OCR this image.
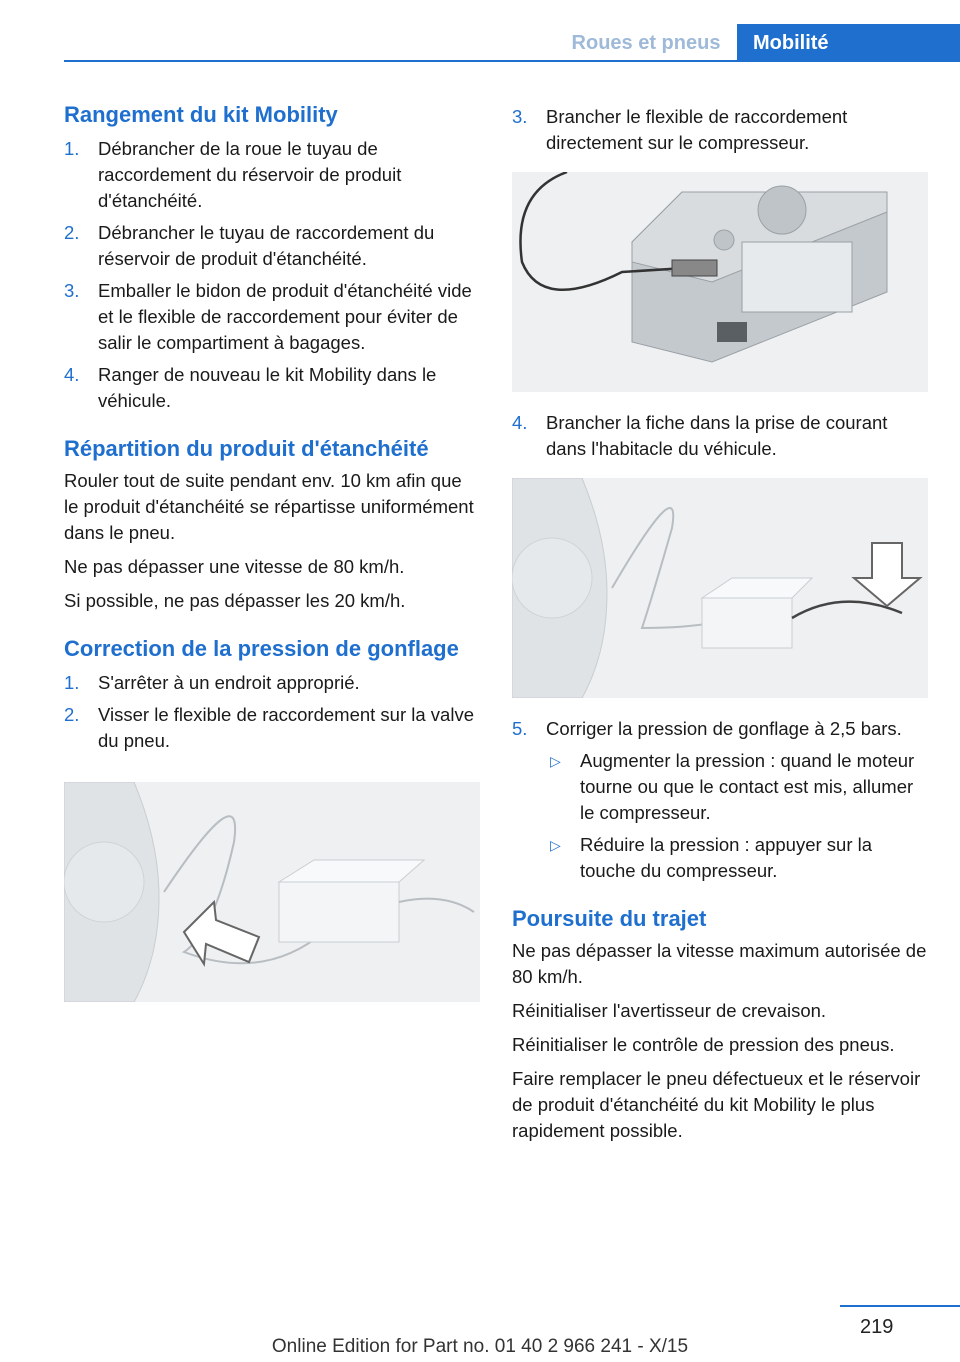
Roues et pneus	Mobilité
Rangement du kit Mobility
1. Débrancher de la roue le tuyau de raccordement du réservoir de produit d'étanchéité.
2. Débrancher le tuyau de raccordement du réservoir de produit d'étanchéité.
3. Emballer le bidon de produit d'étanchéité vide et le flexible de raccordement pour éviter de salir le compartiment à bagages.
4. Ranger de nouveau le kit Mobility dans le véhicule.
Répartition du produit d'étanchéité

Rouler tout de suite pendant env. 10 km afin que le produit d'étanchéité se répartisse uniformément dans le pneu.

Ne pas dépasser une vitesse de 80 km/h.

Si possible, ne pas dépasser les 20 km/h.

Correction de la pression de gonflage
1. S'arrêter à un endroit approprié.
2. Visser le flexible de raccordement sur la valve du pneu.
3. Brancher le flexible de raccordement directement sur le compresseur.
4. Brancher la fiche dans la prise de courant dans l'habitacle du véhicule.
5. Corriger la pression de gonflage à 2,5 bars.
▷ Augmenter la pression : quand le moteur tourne ou que le contact est mis, allumer le compresseur.
▷ Réduire la pression : appuyer sur la touche du compresseur.
Poursuite du trajet

Ne pas dépasser la vitesse maximum autorisée de 80 km/h.

Réinitialiser l'avertisseur de crevaison.

Réinitialiser le contrôle de pression des pneus.

Faire remplacer le pneu défectueux et le réservoir de produit d'étanchéité du kit Mobility le plus rapidement possible.

219
Online Edition for Part no. 01 40 2 966 241 - X/15
